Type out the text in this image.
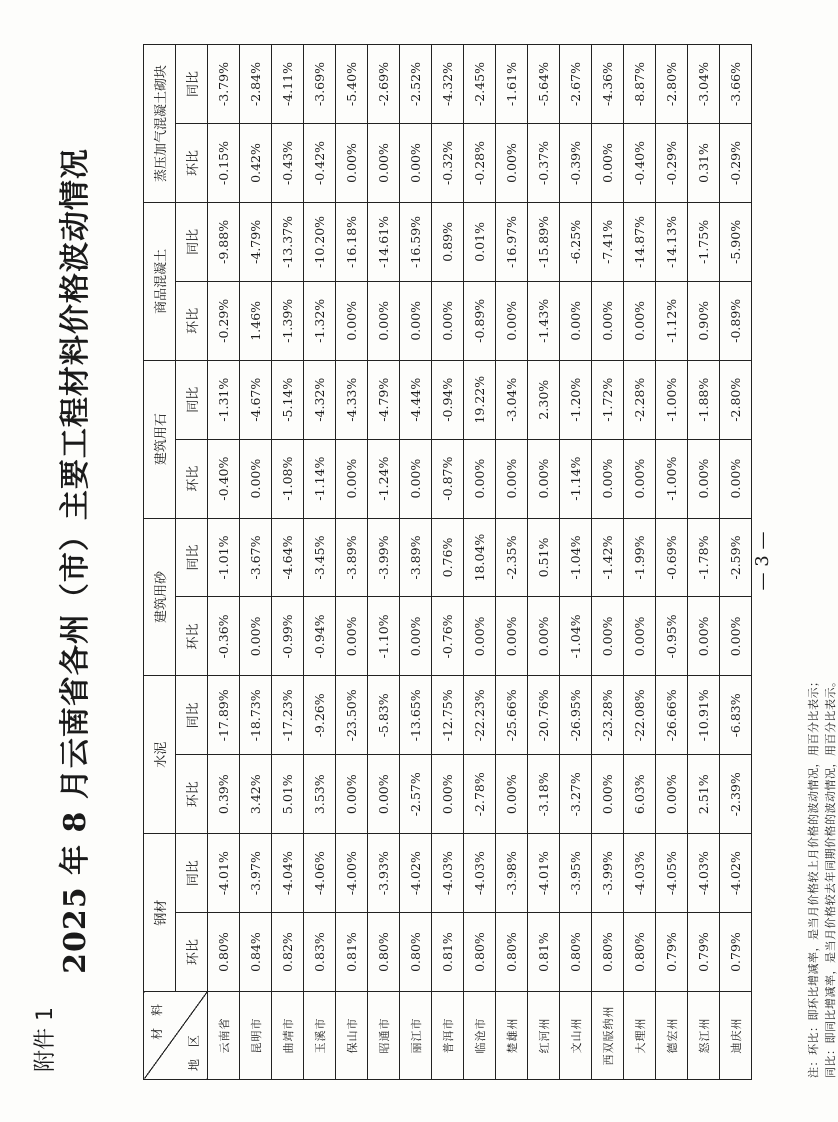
附件 1
2025 年 8 月云南省各州（市）主要工程材料价格波动情况
材 料
地 区	钢材		水泥		建筑用砂		建筑用石		商品混凝土		蒸压加气混凝土砌块	
	环比	同比	环比	同比	环比	同比	环比	同比	环比	同比	环比	同比
云南省	0.80%	-4.01%	0.39%	-17.89%	-0.36%	-1.01%	-0.40%	-1.31%	-0.29%	-9.88%	-0.15%	-3.79%
昆明市	0.84%	-3.97%	3.42%	-18.73%	0.00%	-3.67%	0.00%	-4.67%	1.46%	-4.79%	0.42%	-2.84%
曲靖市	0.82%	-4.04%	5.01%	-17.23%	-0.99%	-4.64%	-1.08%	-5.14%	-1.39%	-13.37%	-0.43%	-4.11%
玉溪市	0.83%	-4.06%	3.53%	-9.26%	-0.94%	-3.45%	-1.14%	-4.32%	-1.32%	-10.20%	-0.42%	-3.69%
保山市	0.81%	-4.00%	0.00%	-23.50%	0.00%	-3.89%	0.00%	-4.33%	0.00%	-16.18%	0.00%	-5.40%
昭通市	0.80%	-3.93%	0.00%	-5.83%	-1.10%	-3.99%	-1.24%	-4.79%	0.00%	-14.61%	0.00%	-2.69%
丽江市	0.80%	-4.02%	-2.57%	-13.65%	0.00%	-3.89%	0.00%	-4.44%	0.00%	-16.59%	0.00%	-2.52%
普洱市	0.81%	-4.03%	0.00%	-12.75%	-0.76%	0.76%	-0.87%	-0.94%	0.00%	0.89%	-0.32%	-4.32%
临沧市	0.80%	-4.03%	-2.78%	-22.23%	0.00%	18.04%	0.00%	19.22%	-0.89%	0.01%	-0.28%	-2.45%
楚雄州	0.80%	-3.98%	0.00%	-25.66%	0.00%	-2.35%	0.00%	-3.04%	0.00%	-16.97%	0.00%	-1.61%
红河州	0.81%	-4.01%	-3.18%	-20.76%	0.00%	0.51%	0.00%	2.30%	-1.43%	-15.89%	-0.37%	-5.64%
文山州	0.80%	-3.95%	-3.27%	-26.95%	-1.04%	-1.04%	-1.14%	-1.20%	0.00%	-6.25%	-0.39%	-2.67%
西双版纳州	0.80%	-3.99%	0.00%	-23.28%	0.00%	-1.42%	0.00%	-1.72%	0.00%	-7.41%	0.00%	-4.36%
大理州	0.80%	-4.03%	6.03%	-22.08%	0.00%	-1.99%	0.00%	-2.28%	0.00%	-14.87%	-0.40%	-8.87%
德宏州	0.79%	-4.05%	0.00%	-26.66%	-0.95%	-0.69%	-1.00%	-1.00%	-1.12%	-14.13%	-0.29%	-2.80%
怒江州	0.79%	-4.03%	2.51%	-10.91%	0.00%	-1.78%	0.00%	-1.88%	0.90%	-1.75%	0.31%	-3.04%
迪庆州	0.79%	-4.02%	-2.39%	-6.83%	0.00%	-2.59%	0.00%	-2.80%	-0.89%	-5.90%	-0.29%	-3.66%
注：环比：即环比增减率，是当月价格较上月价格的波动情况，用百分比表示； 同比：即同比增减率，是当月价格较去年同期价格的波动情况，用百分比表示。
— 3 —
